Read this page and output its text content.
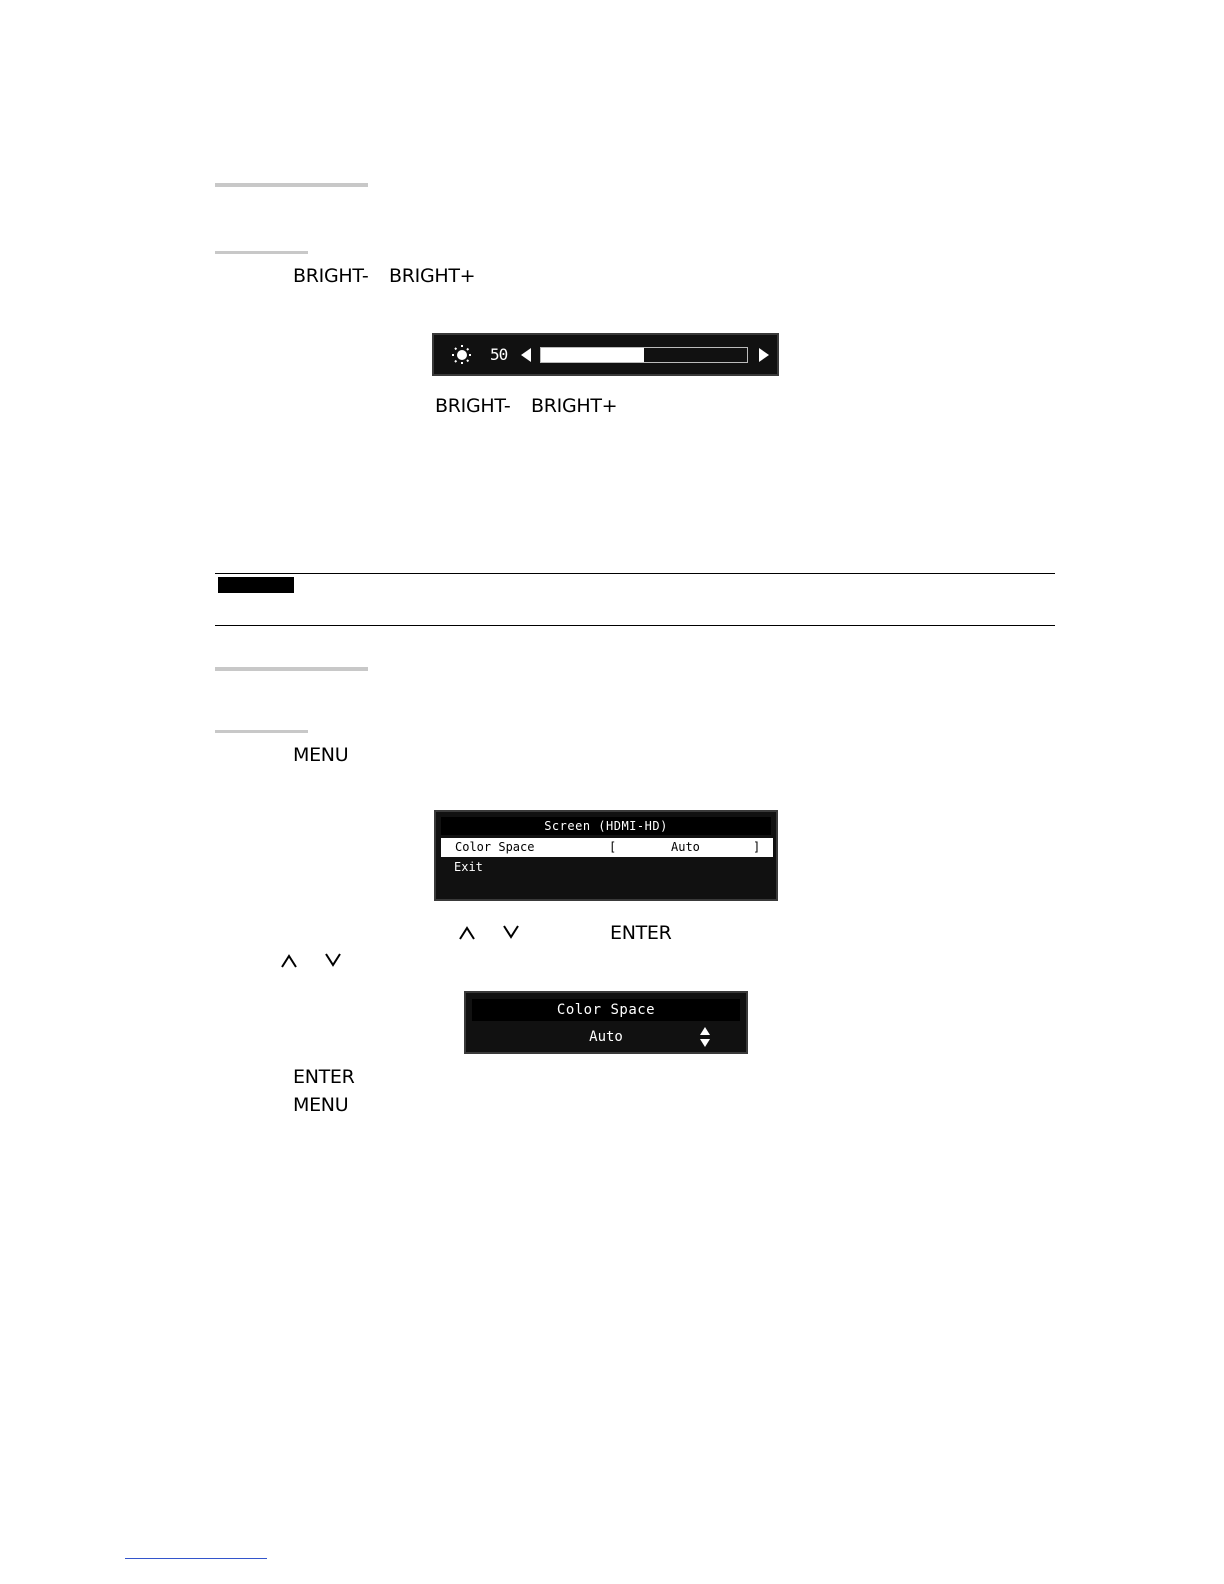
BRIGHT- BRIGHT+
50
BRIGHT- BRIGHT+
MENU
Screen (HDMI-HD)
Color Space	[	Auto	]
Exit
ENTER
Color Space
Auto
ENTER
MENU
